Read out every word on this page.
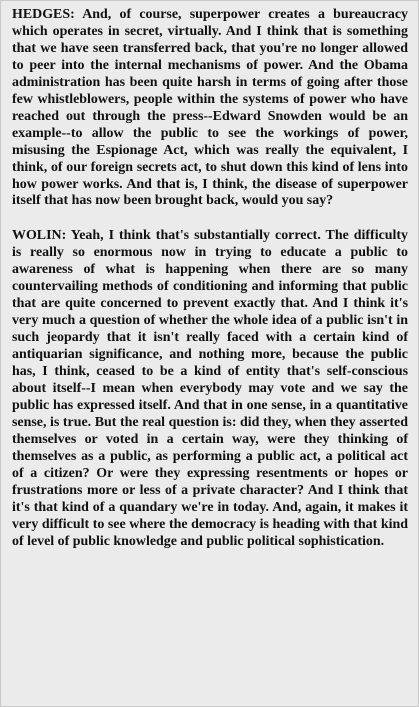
HEDGES: And, of course, superpower creates a bureaucracy which operates in secret, virtually. And I think that is something that we have seen transferred back, that you're no longer allowed to peer into the internal mechanisms of power. And the Obama administration has been quite harsh in terms of going after those few whistleblowers, people within the systems of power who have reached out through the press--Edward Snowden would be an example--to allow the public to see the workings of power, misusing the Espionage Act, which was really the equivalent, I think, of our foreign secrets act, to shut down this kind of lens into how power works. And that is, I think, the disease of superpower itself that has now been brought back, would you say?

WOLIN: Yeah, I think that's substantially correct. The difficulty is really so enormous now in trying to educate a public to awareness of what is happening when there are so many countervailing methods of conditioning and informing that public that are quite concerned to prevent exactly that. And I think it's very much a question of whether the whole idea of a public isn't in such jeopardy that it isn't really faced with a certain kind of antiquarian significance, and nothing more, because the public has, I think, ceased to be a kind of entity that's self-conscious about itself--I mean when everybody may vote and we say the public has expressed itself. And that in one sense, in a quantitative sense, is true. But the real question is: did they, when they asserted themselves or voted in a certain way, were they thinking of themselves as a public, as performing a public act, a political act of a citizen? Or were they expressing resentments or hopes or frustrations more or less of a private character? And I think that it's that kind of a quandary we're in today. And, again, it makes it very difficult to see where the democracy is heading with that kind of level of public knowledge and public political sophistication.
